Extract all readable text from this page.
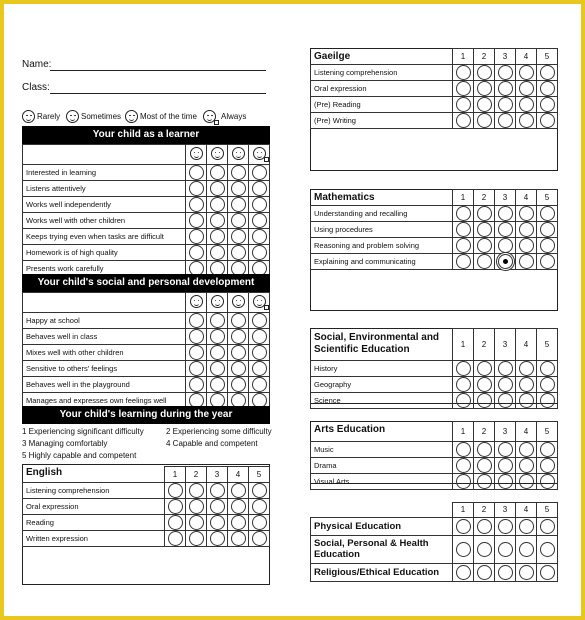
Name:
Class:
Rarely	Sometimes Most of the time	Always
Your child as a learner

Interested in learning				
Listens attentively				
Works well independently				
Works well with other children				
Keeps trying even when tasks are difficult				
Homework is of high quality				
Presents work carefully				
Your child's social and personal development

Happy at school				
Behaves well in class				
Mixes well with other children				
Sensitive to others' feelings				
Behaves well in the playground				
Manages and expresses own feelings well				
Your child's learning during the year
1 Experiencing significant difficulty	2 Experiencing some difficulty
3 Managing comfortably	4 Capable and competent
5 Highly capable and competent
English
		1	2	3	4	5
Listening comprehension					
Oral expression					
Reading					
Written expression					
Gaeilge
		1	2	3	4	5
Listening comprehension					
Oral expression					
(Pre) Reading					
(Pre) Writing					
Mathematics
		1	2	3	4	5
Understanding and recalling					
Using procedures					
Reasoning and problem solving					
Explaining and communicating					
Social, Environmental and Scientific Education
		1	2	3	4	5
History					
Geography					
Science					
Arts Education
		1	2	3	4	5
Music					
Drama					
Visual Arts					
	1	2	3	4	5
Physical Education					
Social, Personal & Health Education					
Religious/Ethical Education					
